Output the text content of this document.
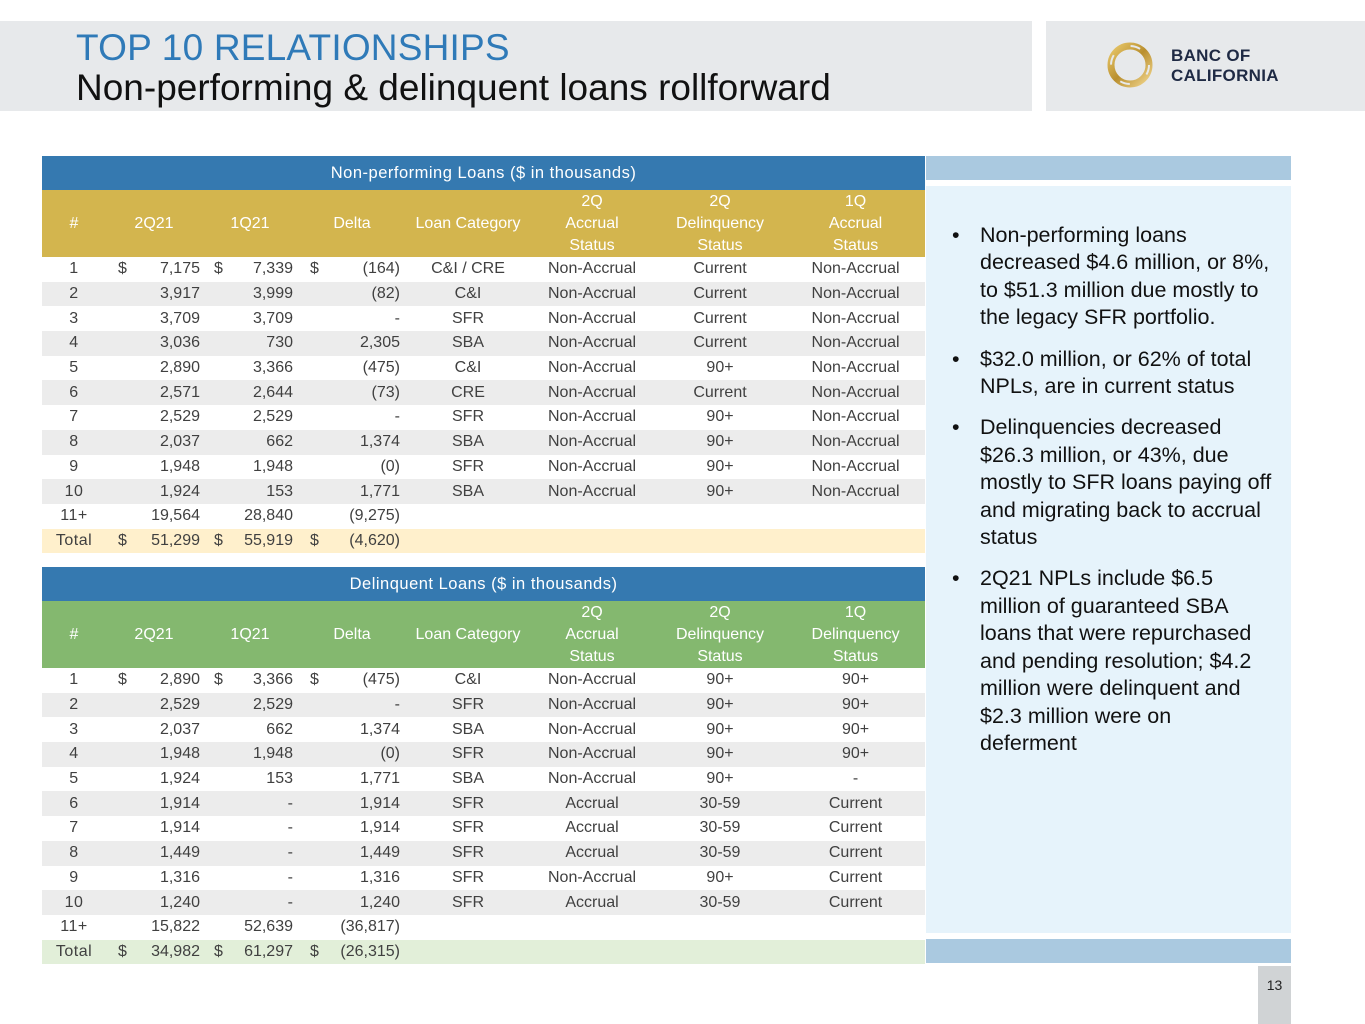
TOP 10 RELATIONSHIPS
Non-performing & delinquent loans rollforward
BANC OF
CALIFORNIA
Non-performing Loans ($ in thousands)							
#	2Q21	1Q21	Delta	Loan Category	2Q
Accrual
Status	2Q
Delinquency
Status	1Q
Accrual
Status
1	$ 7,175	$ 7,339	$ (164)	C&I / CRE	Non-Accrual	Current	Non-Accrual
2	3,917	3,999	(82)	C&I	Non-Accrual	Current	Non-Accrual
3	3,709	3,709	-	SFR	Non-Accrual	Current	Non-Accrual
4	3,036	730	2,305	SBA	Non-Accrual	Current	Non-Accrual
5	2,890	3,366	(475)	C&I	Non-Accrual	90+	Non-Accrual
6	2,571	2,644	(73)	CRE	Non-Accrual	Current	Non-Accrual
7	2,529	2,529	-	SFR	Non-Accrual	90+	Non-Accrual
8	2,037	662	1,374	SBA	Non-Accrual	90+	Non-Accrual
9	1,948	1,948	(0)	SFR	Non-Accrual	90+	Non-Accrual
10	1,924	153	1,771	SBA	Non-Accrual	90+	Non-Accrual
11+	19,564	28,840	(9,275)				
Total	$ 51,299	$ 55,919	$ (4,620)				
Delinquent Loans ($ in thousands)							
#	2Q21	1Q21	Delta	Loan Category	2Q
Accrual
Status	2Q
Delinquency
Status	1Q
Delinquency
Status
1	$ 2,890	$ 3,366	$ (475)	C&I	Non-Accrual	90+	90+
2	2,529	2,529	-	SFR	Non-Accrual	90+	90+
3	2,037	662	1,374	SBA	Non-Accrual	90+	90+
4	1,948	1,948	(0)	SFR	Non-Accrual	90+	90+
5	1,924	153	1,771	SBA	Non-Accrual	90+	-
6	1,914	-	1,914	SFR	Accrual	30-59	Current
7	1,914	-	1,914	SFR	Accrual	30-59	Current
8	1,449	-	1,449	SFR	Accrual	30-59	Current
9	1,316	-	1,316	SFR	Non-Accrual	90+	Current
10	1,240	-	1,240	SFR	Accrual	30-59	Current
11+	15,822	52,639	(36,817)				
Total	$ 34,982	$ 61,297	$ (26,315)				
• Non-performing loans decreased $4.6 million, or 8%, to $51.3 million due mostly to the legacy SFR portfolio.
• $32.0 million, or 62% of total NPLs, are in current status
• Delinquencies decreased $26.3 million, or 43%, due mostly to SFR loans paying off and migrating back to accrual status
• 2Q21 NPLs include $6.5 million of guaranteed SBA loans that were repurchased and pending resolution; $4.2 million were delinquent and $2.3 million were on deferment
13
